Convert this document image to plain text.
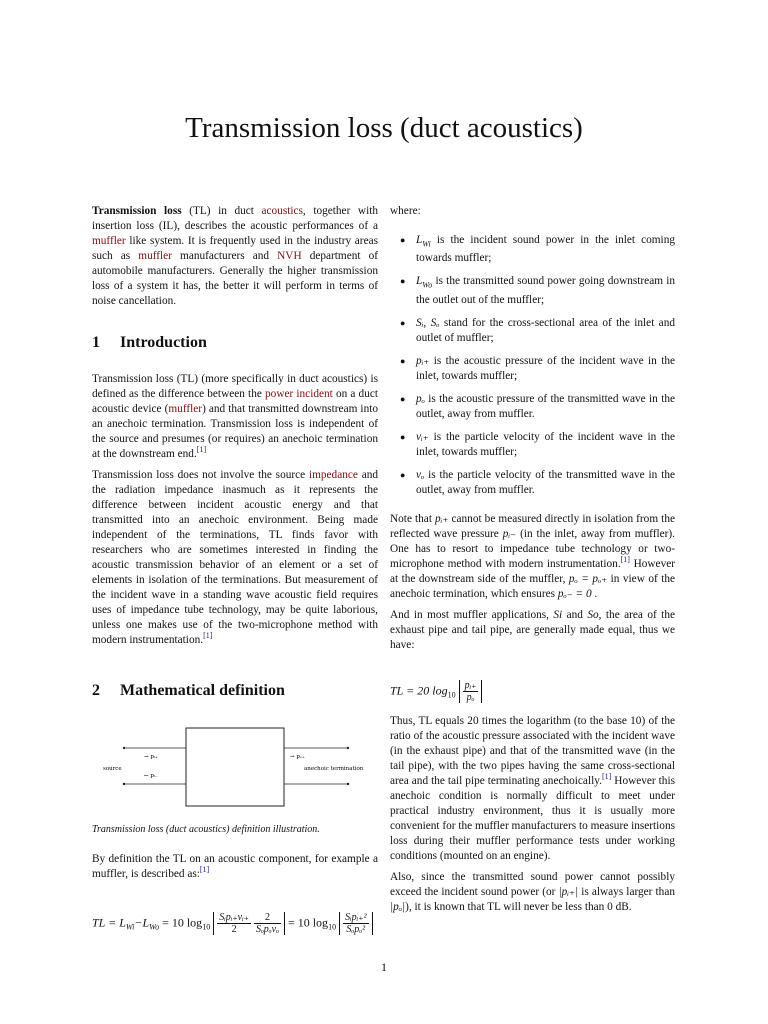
Transmission loss (duct acoustics)

Transmission loss (TL) in duct acoustics, together with insertion loss (IL), describes the acoustic performances of a muffler like system. It is frequently used in the industry areas such as muffler manufacturers and NVH department of automobile manufacturers. Generally the higher transmission loss of a system it has, the better it will perform in terms of noise cancellation.

1 Introduction

Transmission loss (TL) (more specifically in duct acoustics) is defined as the difference between the power incident on a duct acoustic device (muffler) and that transmitted downstream into an anechoic termination. Transmission loss is independent of the source and presumes (or requires) an anechoic termination at the downstream end.[1]

Transmission loss does not involve the source impedance and the radiation impedance inasmuch as it represents the difference between incident acoustic energy and that transmitted into an anechoic environment. Being made independent of the terminations, TL finds favor with researchers who are sometimes interested in finding the acoustic transmission behavior of an element or a set of elements in isolation of the terminations. But measurement of the incident wave in a standing wave acoustic field requires uses of impedance tube technology, may be quite laborious, unless one makes use of the two-microphone method with modern instrumentation.[1]

2 Mathematical definition
source	anechoic termination
→ pᵢ₊
← pᵢ₋
→ pₒ₊
Transmission loss (duct acoustics) definition illustration.

By definition the TL on an acoustic component, for example a muffler, is described as:[1]

TL = $L_{Wi}-L_{Wo} = 10$ $\log_{10} \frac{\text{Sᵢpᵢ₊vᵢ₊}}{2}$
$\frac{2}{\text{Sₒpₒvₒ}} = 10$ $\log_{10} \frac{\text{Sᵢpᵢ₊²}}{\text{Sₒpₒ²}}$

where:

● $L_{Wi}$ is the incident sound power in the inlet coming towards muffler;
● $L_{Wo}$ is the transmitted sound power going downstream in the outlet out of the muffler;
● Sᵢ, Sₒ stand for the cross-sectional area of the inlet and outlet of muffler;
● pᵢ₊ is the acoustic pressure of the incident wave in the inlet, towards muffler;
● pₒ is the acoustic pressure of the transmitted wave in the outlet, away from muffler.
● vᵢ₊ is the particle velocity of the incident wave in the inlet, towards muffler;
● vₒ is the particle velocity of the transmitted wave in the outlet, away from muffler.

Note that pᵢ₊ cannot be measured directly in isolation from the reflected wave pressure pᵢ₋ (in the inlet, away from muffler). One has to resort to impedance tube technology or two-microphone method with modern instrumentation.[1] However at the downstream side of the muffler, pₒ = pₒ₊ in view of the anechoic termination, which ensures pₒ₋ = 0 .

And in most muffler applications, Si and So, the area of the exhaust pipe and tail pipe, are generally made equal, thus we have:

TL = 20 $\log_{10} \frac{\text{pᵢ₊}}{\text{pₒ}}$

Thus, TL equals 20 times the logarithm (to the base 10) of the ratio of the acoustic pressure associated with the incident wave (in the exhaust pipe) and that of the transmitted wave (in the tail pipe), with the two pipes having the same cross-sectional area and the tail pipe terminating anechoically.[1] However this anechoic condition is normally difficult to meet under practical industry environment, thus it is usually more convenient for the muffler manufacturers to measure insertions loss during their muffler performance tests under working conditions (mounted on an engine).

Also, since the transmitted sound power cannot possibly exceed the incident sound power (or |pᵢ₊| is always larger than |pₒ|), it is known that TL will never be less than 0 dB.

1
